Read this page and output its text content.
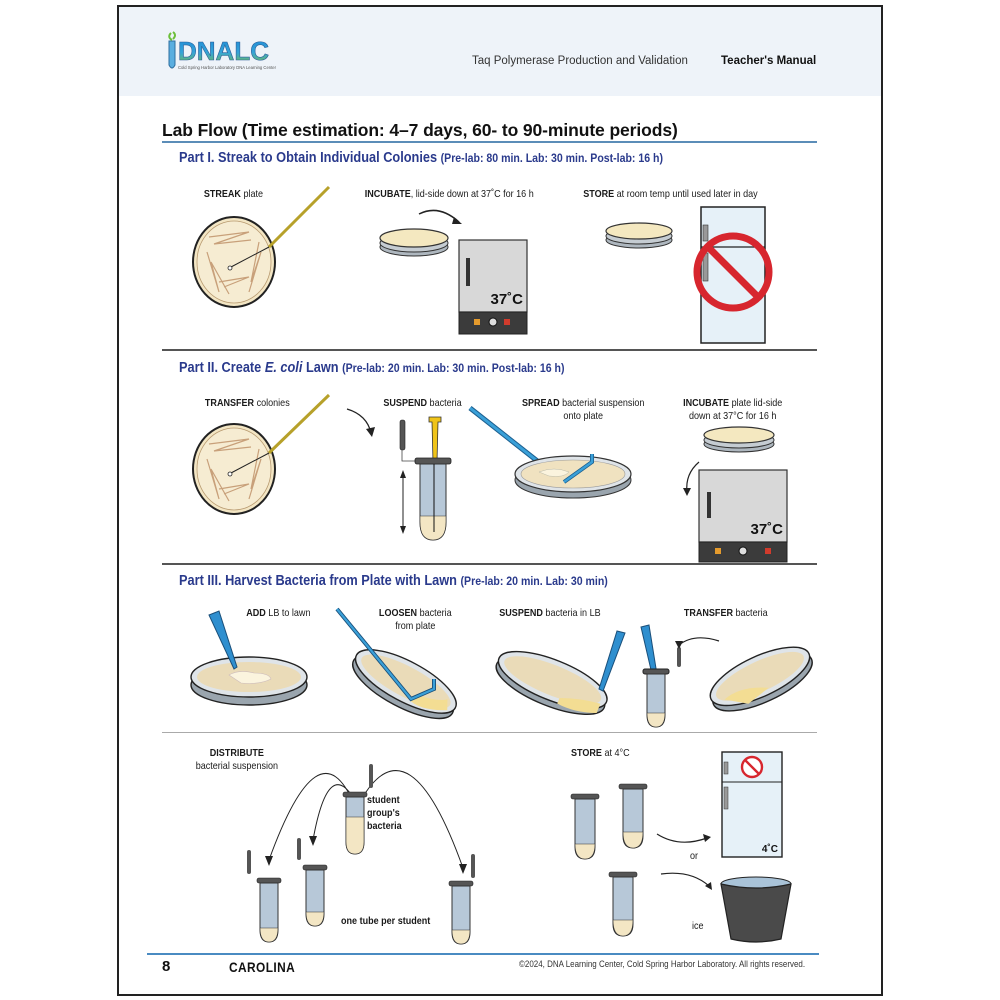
DNALC
Cold Spring Harbor Laboratory DNA Learning Center
Taq Polymerase Production and Validation	Teacher's Manual
Lab Flow (Time estimation: 4–7 days, 60- to 90-minute periods)
Part I. Streak to Obtain Individual Colonies (Pre-lab: 80 min. Lab: 30 min. Post-lab: 16 h)
STREAK plate	INCUBATE, lid-side down at 37˚C for 16 h	STORE at room temp until used later in day
37˚C
Part II. Create E. coli Lawn (Pre-lab: 20 min. Lab: 30 min. Post-lab: 16 h)
TRANSFER colonies	SUSPEND bacteria	SPREAD bacterial suspension
onto plate
INCUBATE plate lid-side
down at 37°C for 16 h
37˚C
Part III. Harvest Bacteria from Plate with Lawn (Pre-lab: 20 min. Lab: 30 min)
ADD LB to lawn	LOOSEN bacteria
from plate
SUSPEND bacteria in LB	TRANSFER bacteria
DISTRIBUTE
bacterial suspension
student
group's
bacteria
one tube per student
STORE at 4°C
4˚C
or
ice
8	CAROLINA	©2024, DNA Learning Center, Cold Spring Harbor Laboratory. All rights reserved.
